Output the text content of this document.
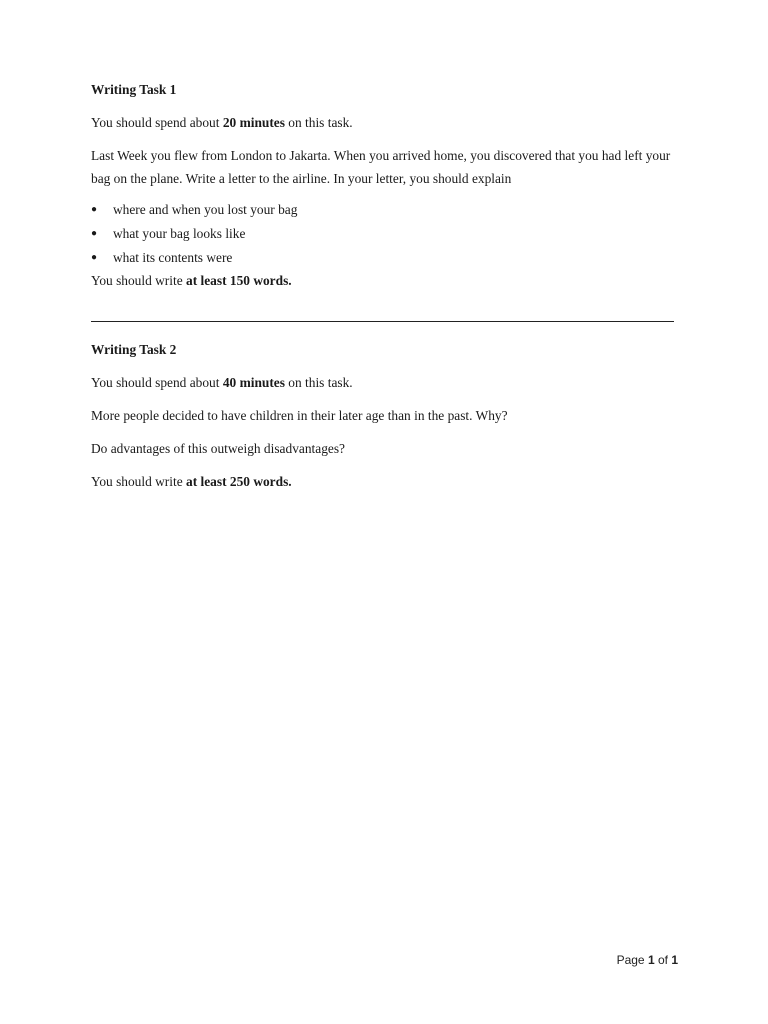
Writing Task 1

You should spend about 20 minutes on this task.

Last Week you flew from London to Jakarta. When you arrived home, you discovered that you had left your bag on the plane. Write a letter to the airline. In your letter, you should explain

● where and when you lost your bag
● what your bag looks like
● what its contents were

You should write at least 150 words.

Writing Task 2

You should spend about 40 minutes on this task.

More people decided to have children in their later age than in the past. Why?

Do advantages of this outweigh disadvantages?

You should write at least 250 words.

Page 1 of 1
